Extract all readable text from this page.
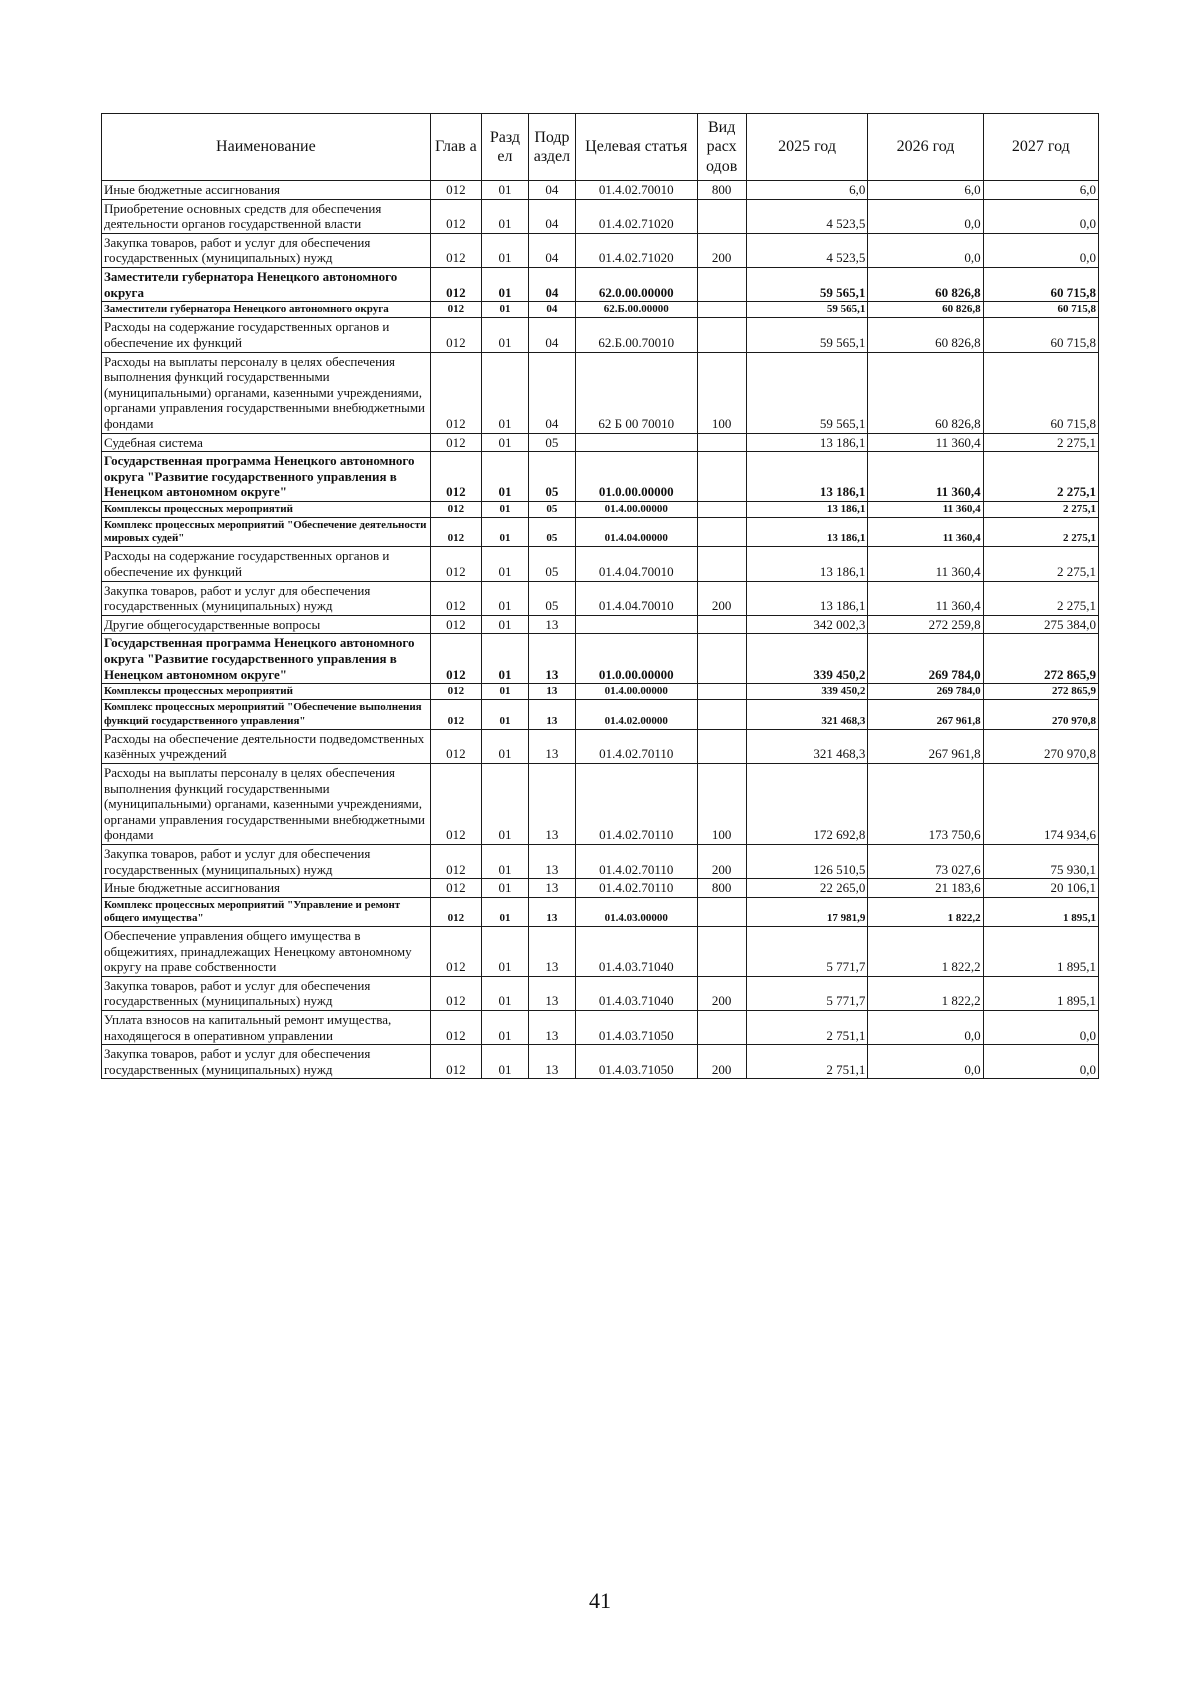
Наименование	Глав а	Разд ел	Подр аздел	Целевая статья	Вид расх одов	2025 год	2026 год	2027 год
Иные бюджетные ассигнования	012	01	04	01.4.02.70010	800	6,0	6,0	6,0
Приобретение основных средств для обеспечения деятельности органов государственной власти	012	01	04	01.4.02.71020		4 523,5	0,0	0,0
Закупка товаров, работ и услуг для обеспечения государственных (муниципальных) нужд	012	01	04	01.4.02.71020	200	4 523,5	0,0	0,0
Заместители губернатора Ненецкого автономного округа	012	01	04	62.0.00.00000		59 565,1	60 826,8	60 715,8
Заместители губернатора Ненецкого автономного округа	012	01	04	62.Б.00.00000		59 565,1	60 826,8	60 715,8
Расходы на содержание государственных органов и обеспечение их функций	012	01	04	62.Б.00.70010		59 565,1	60 826,8	60 715,8
Расходы на выплаты персоналу в целях обеспечения выполнения функций государственными (муниципальными) органами, казенными учреждениями, органами управления государственными внебюджетными фондами	012	01	04	62 Б 00 70010	100	59 565,1	60 826,8	60 715,8
Судебная система	012	01	05			13 186,1	11 360,4	2 275,1
Государственная программа Ненецкого автономного округа "Развитие государственного управления в Ненецком автономном округе"	012	01	05	01.0.00.00000		13 186,1	11 360,4	2 275,1
Комплексы процессных мероприятий	012	01	05	01.4.00.00000		13 186,1	11 360,4	2 275,1
Комплекс процессных мероприятий "Обеспечение деятельности мировых судей"	012	01	05	01.4.04.00000		13 186,1	11 360,4	2 275,1
Расходы на содержание государственных органов и обеспечение их функций	012	01	05	01.4.04.70010		13 186,1	11 360,4	2 275,1
Закупка товаров, работ и услуг для обеспечения государственных (муниципальных) нужд	012	01	05	01.4.04.70010	200	13 186,1	11 360,4	2 275,1
Другие общегосударственные вопросы	012	01	13			342 002,3	272 259,8	275 384,0
Государственная программа Ненецкого автономного округа "Развитие государственного управления в Ненецком автономном округе"	012	01	13	01.0.00.00000		339 450,2	269 784,0	272 865,9
Комплексы процессных мероприятий	012	01	13	01.4.00.00000		339 450,2	269 784,0	272 865,9
Комплекс процессных мероприятий "Обеспечение выполнения функций государственного управления"	012	01	13	01.4.02.00000		321 468,3	267 961,8	270 970,8
Расходы на обеспечение деятельности подведомственных казённых учреждений	012	01	13	01.4.02.70110		321 468,3	267 961,8	270 970,8
Расходы на выплаты персоналу в целях обеспечения выполнения функций государственными (муниципальными) органами, казенными учреждениями, органами управления государственными внебюджетными фондами	012	01	13	01.4.02.70110	100	172 692,8	173 750,6	174 934,6
Закупка товаров, работ и услуг для обеспечения государственных (муниципальных) нужд	012	01	13	01.4.02.70110	200	126 510,5	73 027,6	75 930,1
Иные бюджетные ассигнования	012	01	13	01.4.02.70110	800	22 265,0	21 183,6	20 106,1
Комплекс процессных мероприятий "Управление и ремонт общего имущества"	012	01	13	01.4.03.00000		17 981,9	1 822,2	1 895,1
Обеспечение управления общего имущества в общежитиях, принадлежащих Ненецкому автономному округу на праве собственности	012	01	13	01.4.03.71040		5 771,7	1 822,2	1 895,1
Закупка товаров, работ и услуг для обеспечения государственных (муниципальных) нужд	012	01	13	01.4.03.71040	200	5 771,7	1 822,2	1 895,1
Уплата взносов на капитальный ремонт имущества, находящегося в оперативном управлении	012	01	13	01.4.03.71050		2 751,1	0,0	0,0
Закупка товаров, работ и услуг для обеспечения государственных (муниципальных) нужд	012	01	13	01.4.03.71050	200	2 751,1	0,0	0,0
41
